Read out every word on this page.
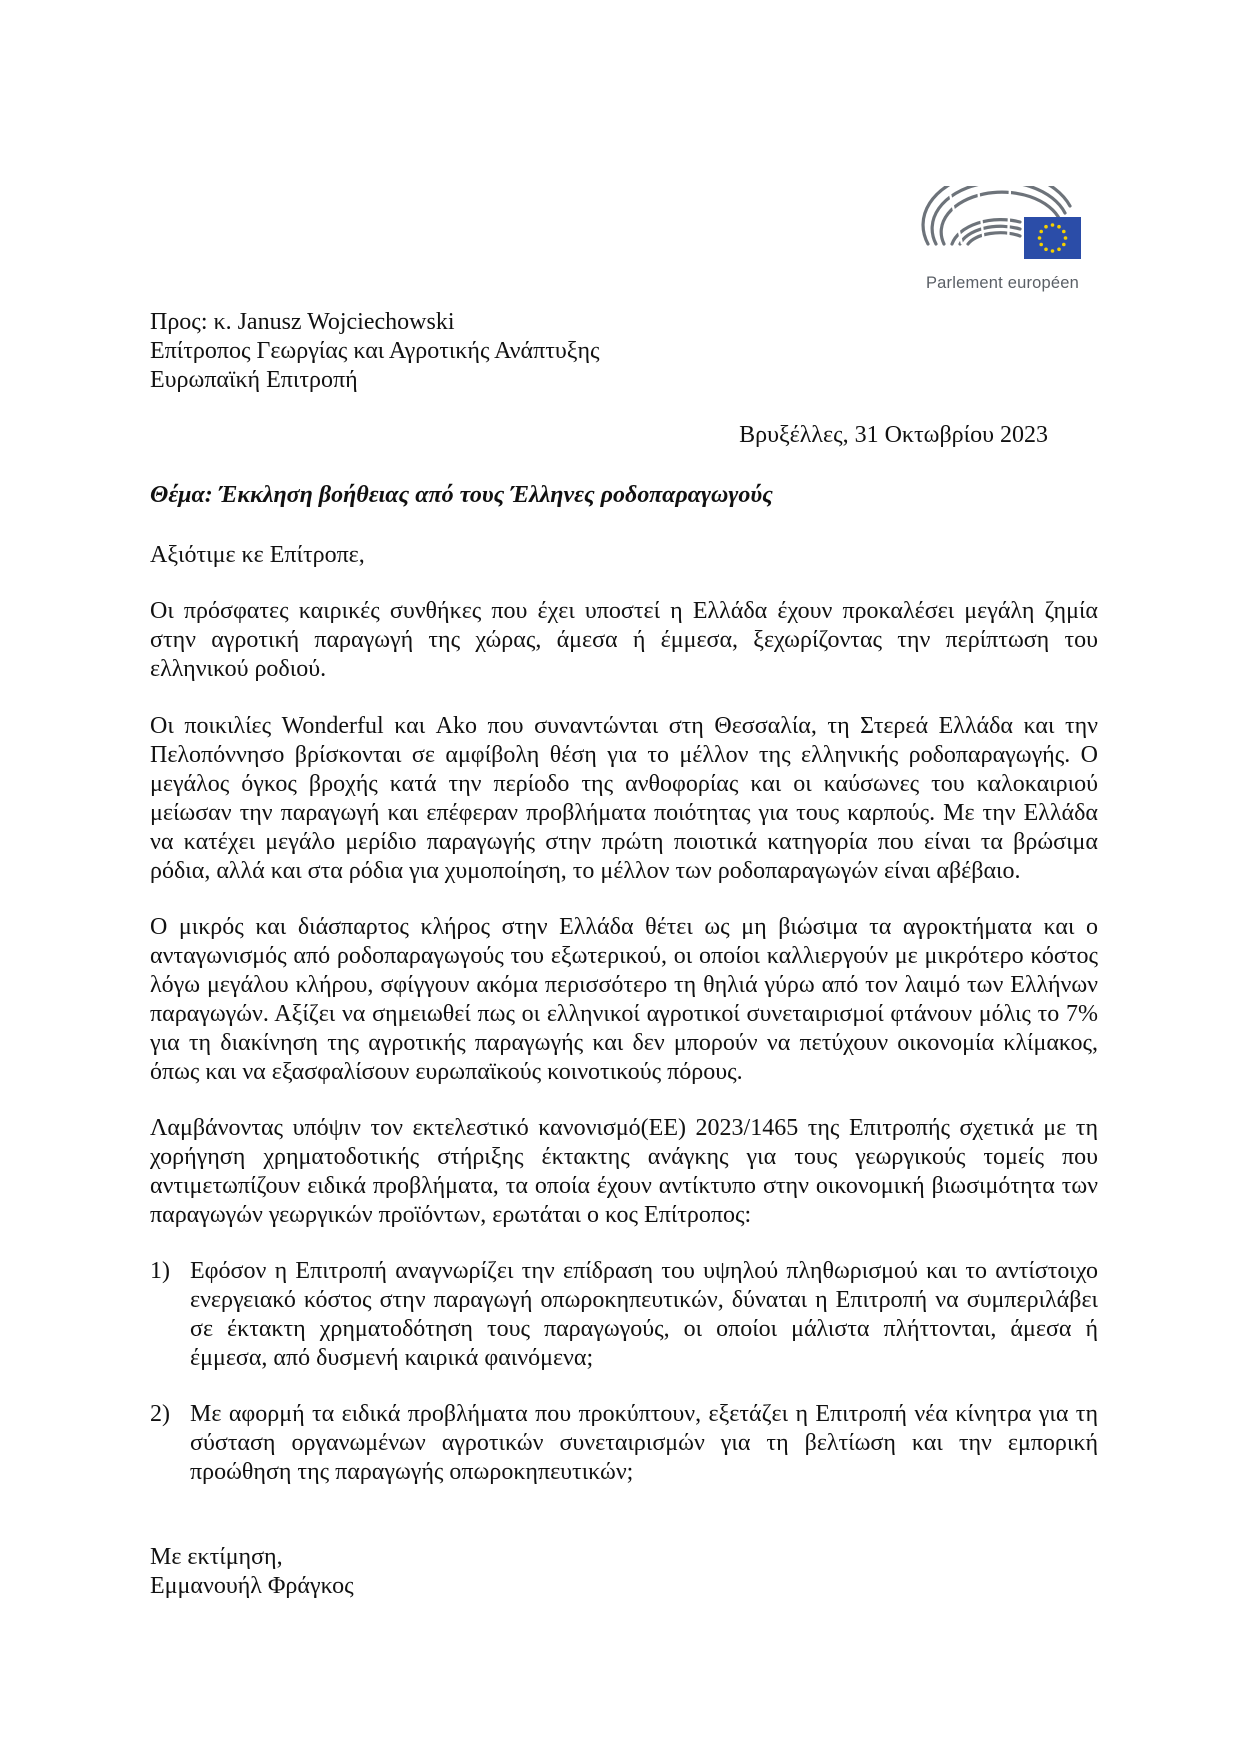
Parlement européen
Προς: κ. Janusz Wojciechowski
Επίτροπος Γεωργίας και Αγροτικής Ανάπτυξης
Ευρωπαϊκή Επιτροπή
Βρυξέλλες, 31 Οκτωβρίου 2023
Θέμα: Έκκληση βοήθειας από τους Έλληνες ροδοπαραγωγούς
Αξιότιμε κε Επίτροπε,

Οι πρόσφατες καιρικές συνθήκες που έχει υποστεί η Ελλάδα έχουν προκαλέσει μεγάλη ζημία στην αγροτική παραγωγή της χώρας, άμεσα ή έμμεσα, ξεχωρίζοντας την περίπτωση του ελληνικού ροδιού.

Οι ποικιλίες Wonderful και Ako που συναντώνται στη Θεσσαλία, τη Στερεά Ελλάδα και την Πελοπόννησο βρίσκονται σε αμφίβολη θέση για το μέλλον της ελληνικής ροδοπαραγωγής. Ο μεγάλος όγκος βροχής κατά την περίοδο της ανθοφορίας και οι καύσωνες του καλοκαιριού μείωσαν την παραγωγή και επέφεραν προβλήματα ποιότητας για τους καρπούς. Με την Ελλάδα να κατέχει μεγάλο μερίδιο παραγωγής στην πρώτη ποιοτικά κατηγορία που είναι τα βρώσιμα ρόδια, αλλά και στα ρόδια για χυμοποίηση, το μέλλον των ροδοπαραγωγών είναι αβέβαιο.

Ο μικρός και διάσπαρτος κλήρος στην Ελλάδα θέτει ως μη βιώσιμα τα αγροκτήματα και ο ανταγωνισμός από ροδοπαραγωγούς του εξωτερικού, οι οποίοι καλλιεργούν με μικρότερο κόστος λόγω μεγάλου κλήρου, σφίγγουν ακόμα περισσότερο τη θηλιά γύρω από τον λαιμό των Ελλήνων παραγωγών. Αξίζει να σημειωθεί πως οι ελληνικοί αγροτικοί συνεταιρισμοί φτάνουν μόλις το 7% για τη διακίνηση της αγροτικής παραγωγής και δεν μπορούν να πετύχουν οικονομία κλίμακος, όπως και να εξασφαλίσουν ευρωπαϊκούς κοινοτικούς πόρους.

Λαμβάνοντας υπόψιν τον εκτελεστικό κανονισμό(ΕΕ) 2023/1465 της Επιτροπής σχετικά με τη χορήγηση χρηματοδοτικής στήριξης έκτακτης ανάγκης για τους γεωργικούς τομείς που αντιμετωπίζουν ειδικά προβλήματα, τα οποία έχουν αντίκτυπο στην οικονομική βιωσιμότητα των παραγωγών γεωργικών προϊόντων, ερωτάται ο κος Επίτροπος:

1) Εφόσον η Επιτροπή αναγνωρίζει την επίδραση του υψηλού πληθωρισμού και το αντίστοιχο ενεργειακό κόστος στην παραγωγή οπωροκηπευτικών, δύναται η Επιτροπή να συμπεριλάβει σε έκτακτη χρηματοδότηση τους παραγωγούς, οι οποίοι μάλιστα πλήττονται, άμεσα ή έμμεσα, από δυσμενή καιρικά φαινόμενα;
2) Με αφορμή τα ειδικά προβλήματα που προκύπτουν, εξετάζει η Επιτροπή νέα κίνητρα για τη σύσταση οργανωμένων αγροτικών συνεταιρισμών για τη βελτίωση και την εμπορική προώθηση της παραγωγής οπωροκηπευτικών;
Με εκτίμηση,
Εμμανουήλ Φράγκος
